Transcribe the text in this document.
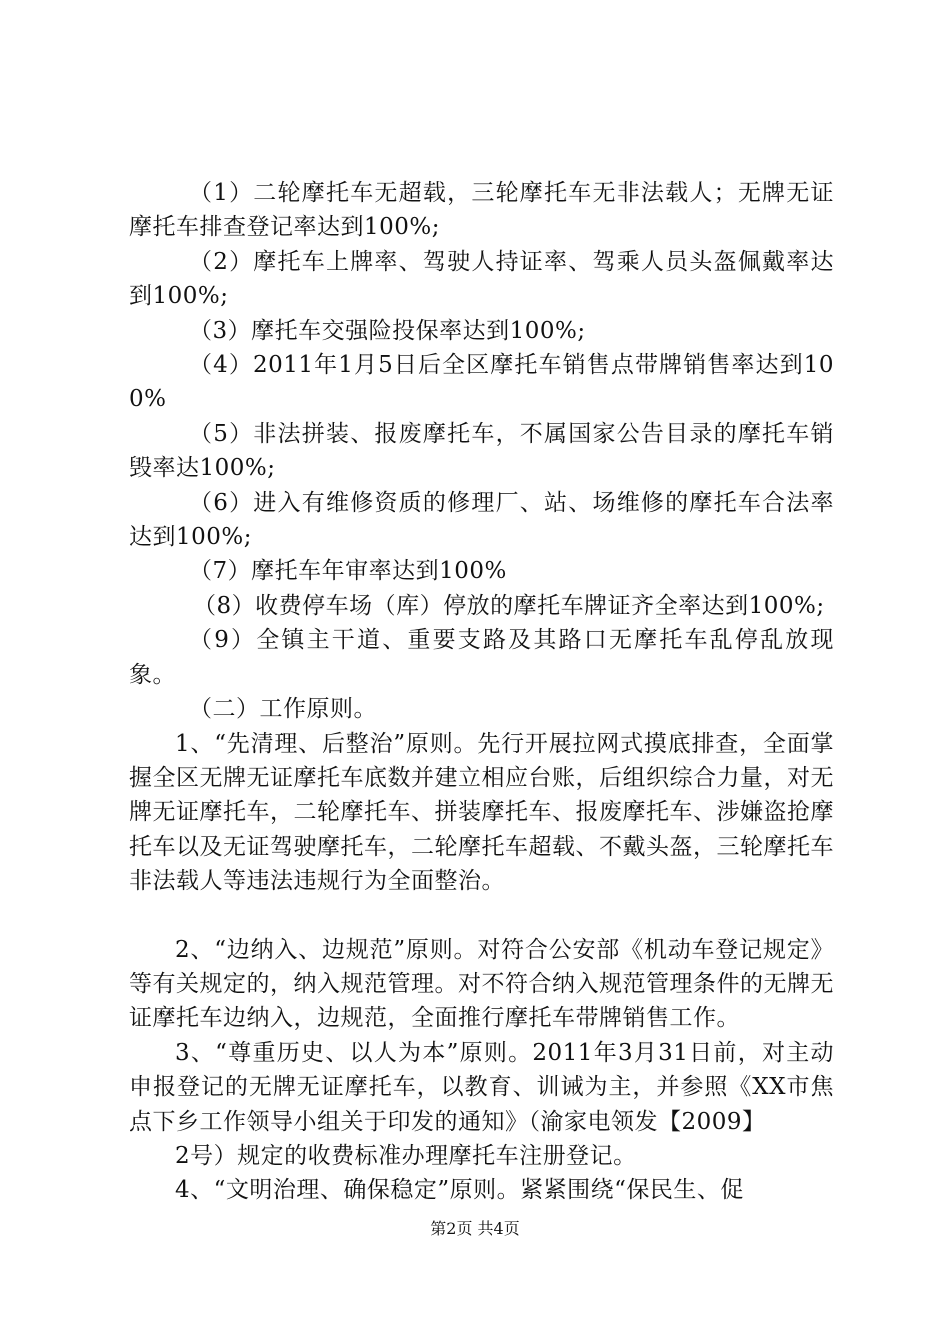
（1）二轮摩托车无超载，三轮摩托车无非法载人；无牌无证摩托车排查登记率达到100%;

（2）摩托车上牌率、驾驶人持证率、驾乘人员头盔佩戴率达到100%;

（3）摩托车交强险投保率达到100%;

（4）2011年1月5日后全区摩托车销售点带牌销售率达到100%

（5）非法拼装、报废摩托车，不属国家公告目录的摩托车销毁率达100%;

（6）进入有维修资质的修理厂、站、场维修的摩托车合法率达到100%;

（7）摩托车年审率达到100%

（8）收费停车场（库）停放的摩托车牌证齐全率达到100%;

（9）全镇主干道、重要支路及其路口无摩托车乱停乱放现象。

（二）工作原则。

1、“先清理、后整治”原则。先行开展拉网式摸底排查，全面掌握全区无牌无证摩托车底数并建立相应台账，后组织综合力量，对无牌无证摩托车，二轮摩托车、拼装摩托车、报废摩托车、涉嫌盗抢摩托车以及无证驾驶摩托车，二轮摩托车超载、不戴头盔，三轮摩托车非法载人等违法违规行为全面整治。

2、“边纳入、边规范”原则。对符合公安部《机动车登记规定》等有关规定的，纳入规范管理。对不符合纳入规范管理条件的无牌无证摩托车边纳入，边规范，全面推行摩托车带牌销售工作。

3、“尊重历史、以人为本”原则。2011年3月31日前，对主动申报登记的无牌无证摩托车，以教育、训诫为主，并参照《XX市焦点下乡工作领导小组关于印发的通知》（渝家电领发【2009】

2号）规定的收费标准办理摩托车注册登记。

4、“文明治理、确保稳定”原则。紧紧围绕“保民生、促

第2页 共4页
